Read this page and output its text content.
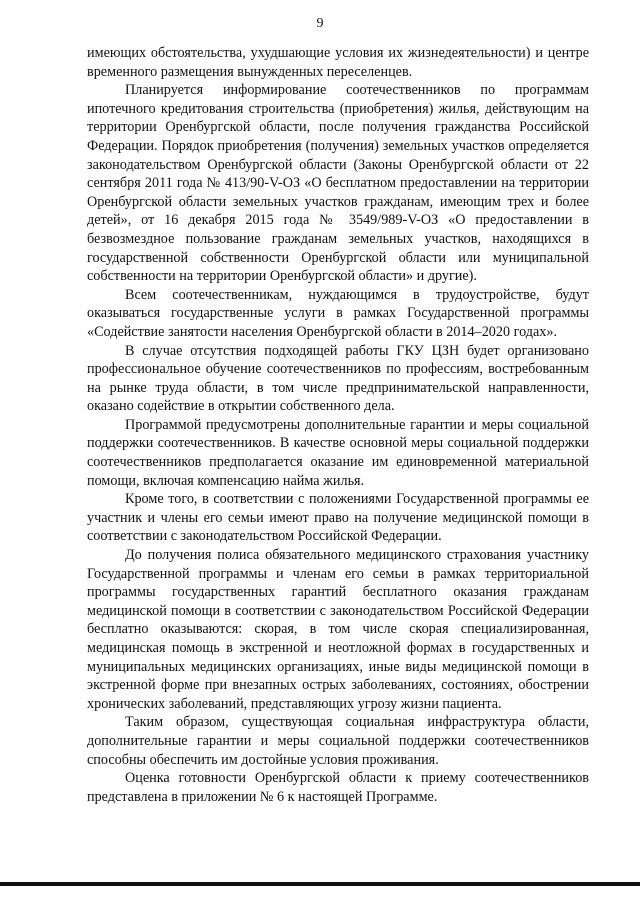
9

имеющих обстоятельства, ухудшающие условия их жизнедеятельности) и центре временного размещения вынужденных переселенцев.

Планируется информирование соотечественников по программам ипотечного кредитования строительства (приобретения) жилья, действующим на территории Оренбургской области, после получения гражданства Российской Федерации. Порядок приобретения (получения) земельных участков определяется законодательством Оренбургской области (Законы Оренбургской области от 22 сентября 2011 года № 413/90-V-ОЗ «О бесплатном предоставлении на территории Оренбургской области земельных участков гражданам, имеющим трех и более детей», от 16 декабря 2015 года № 3549/989-V-ОЗ «О предоставлении в безвозмездное пользование гражданам земельных участков, находящихся в государственной собственности Оренбургской области или муниципальной собственности на территории Оренбургской области» и другие).

Всем соотечественникам, нуждающимся в трудоустройстве, будут оказываться государственные услуги в рамках Государственной программы «Содействие занятости населения Оренбургской области в 2014–2020 годах».

В случае отсутствия подходящей работы ГКУ ЦЗН будет организовано профессиональное обучение соотечественников по профессиям, востребованным на рынке труда области, в том числе предпринимательской направленности, оказано содействие в открытии собственного дела.

Программой предусмотрены дополнительные гарантии и меры социальной поддержки соотечественников. В качестве основной меры социальной поддержки соотечественников предполагается оказание им единовременной материальной помощи, включая компенсацию найма жилья.

Кроме того, в соответствии с положениями Государственной программы ее участник и члены его семьи имеют право на получение медицинской помощи в соответствии с законодательством Российской Федерации.

До получения полиса обязательного медицинского страхования участнику Государственной программы и членам его семьи в рамках территориальной программы государственных гарантий бесплатного оказания гражданам медицинской помощи в соответствии с законодательством Российской Федерации бесплатно оказываются: скорая, в том числе скорая специализированная, медицинская помощь в экстренной и неотложной формах в государственных и муниципальных медицинских организациях, иные виды медицинской помощи в экстренной форме при внезапных острых заболеваниях, состояниях, обострении хронических заболеваний, представляющих угрозу жизни пациента.

Таким образом, существующая социальная инфраструктура области, дополнительные гарантии и меры социальной поддержки соотечественников способны обеспечить им достойные условия проживания.

Оценка готовности Оренбургской области к приему соотечественников представлена в приложении № 6 к настоящей Программе.
